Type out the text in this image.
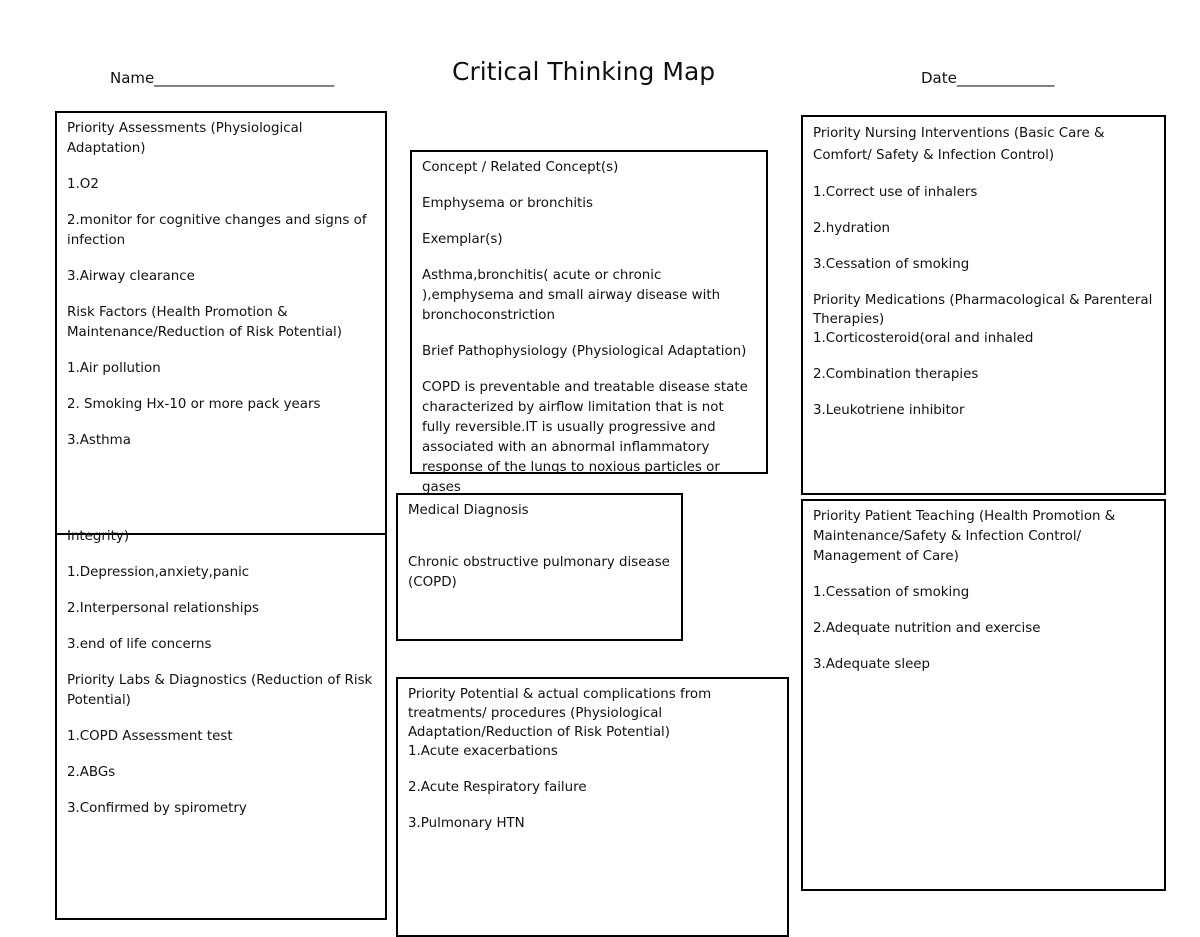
Name________________________	Critical Thinking Map	Date_____________

Priority Assessments (Physiological Adaptation)

1.O2

2.monitor for cognitive changes and signs of infection

3.Airway clearance

Risk Factors (Health Promotion & Maintenance/Reduction of Risk Potential)

1.Air pollution

2. Smoking Hx-10 or more pack years

3.Asthma

Integrity)

1.Depression,anxiety,panic

2.Interpersonal relationships

3.end of life concerns

Priority Labs & Diagnostics (Reduction of Risk Potential)

1.COPD Assessment test

2.ABGs

3.Confirmed by spirometry

Concept / Related Concept(s)

Emphysema or bronchitis

Exemplar(s)

Asthma,bronchitis( acute or chronic ),emphysema and small airway disease with bronchoconstriction

Brief Pathophysiology (Physiological Adaptation)

COPD is preventable and treatable disease state characterized by airflow limitation that is not fully reversible.IT is usually progressive and associated with an abnormal inflammatory response of the lungs to noxious particles or gases

Medical Diagnosis

Chronic obstructive pulmonary disease (COPD)

Priority Potential & actual complications from treatments/ procedures (Physiological Adaptation/Reduction of Risk Potential)

1.Acute exacerbations

2.Acute Respiratory failure

3.Pulmonary HTN

Priority Nursing Interventions (Basic Care & Comfort/ Safety & Infection Control)

1.Correct use of inhalers

2.hydration

3.Cessation of smoking

Priority Medications (Pharmacological & Parenteral Therapies)

1.Corticosteroid(oral and inhaled

2.Combination therapies

3.Leukotriene inhibitor

Priority Patient Teaching (Health Promotion & Maintenance/Safety & Infection Control/ Management of Care)

1.Cessation of smoking

2.Adequate nutrition and exercise

3.Adequate sleep
